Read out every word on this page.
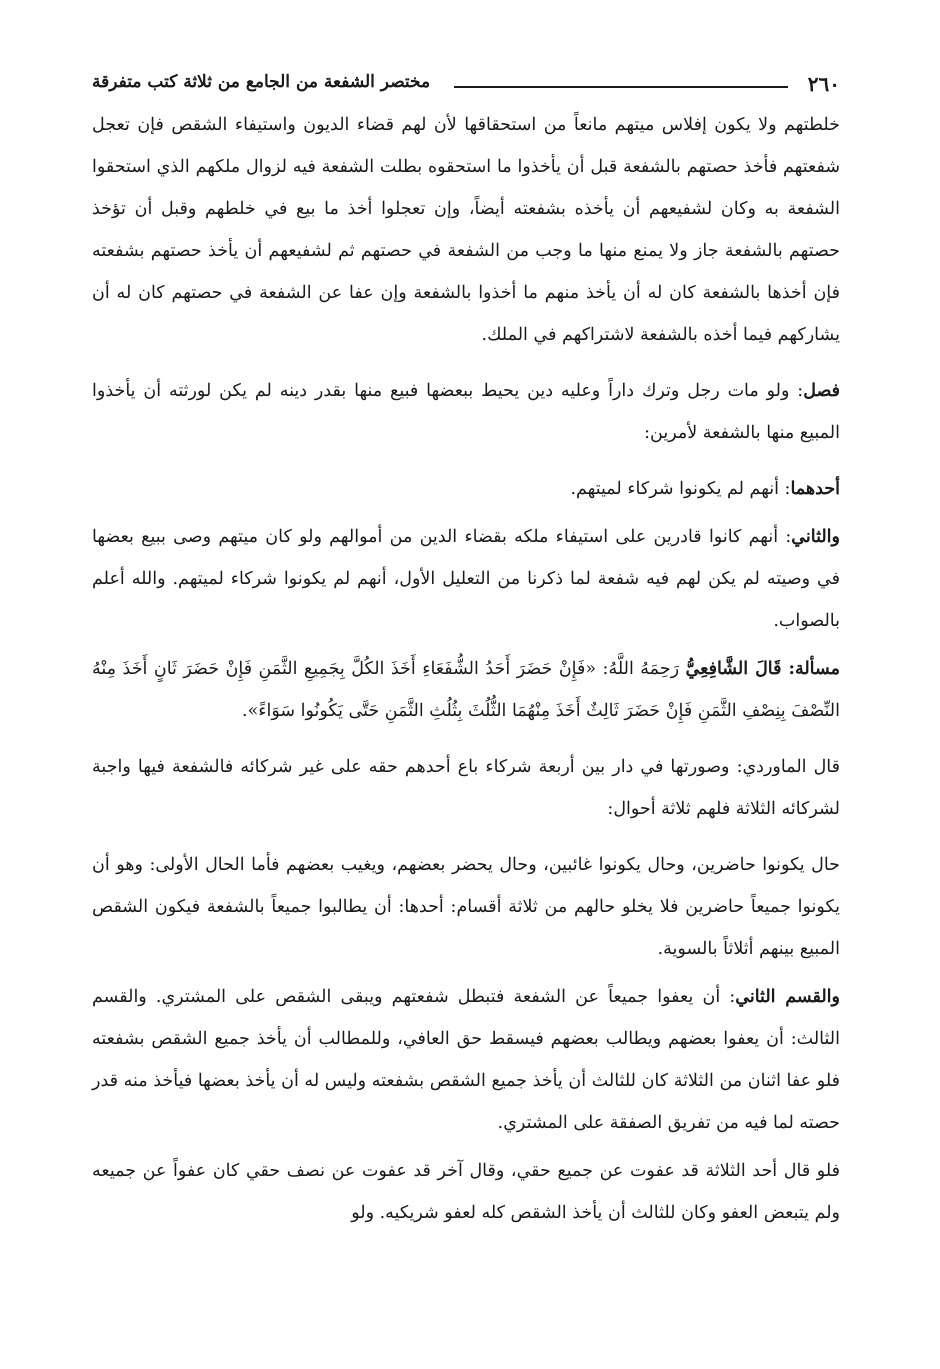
٢٦٠
مختصر الشفعة من الجامع من ثلاثة كتب متفرقة

خلطتهم ولا يكون إفلاس ميتهم مانعاً من استحقاقها لأن لهم قضاء الديون واستيفاء الشقص فإن تعجل شفعتهم فأخذ حصتهم بالشفعة قبل أن يأخذوا ما استحقوه بطلت الشفعة فيه لزوال ملكهم الذي استحقوا الشفعة به وكان لشفيعهم أن يأخذه بشفعته أيضاً، وإن تعجلوا أخذ ما بيع في خلطهم وقبل أن تؤخذ حصتهم بالشفعة جاز ولا يمنع منها ما وجب من الشفعة في حصتهم ثم لشفيعهم أن يأخذ حصتهم بشفعته فإن أخذها بالشفعة كان له أن يأخذ منهم ما أخذوا بالشفعة وإن عفا عن الشفعة في حصتهم كان له أن يشاركهم فيما أخذه بالشفعة لاشتراكهم في الملك.

فصل: ولو مات رجل وترك داراً وعليه دين يحيط ببعضها فبيع منها بقدر دينه لم يكن لورثته أن يأخذوا المبيع منها بالشفعة لأمرين:

أحدهما: أنهم لم يكونوا شركاء لميتهم.

والثاني: أنهم كانوا قادرين على استيفاء ملكه بقضاء الدين من أموالهم ولو كان ميتهم وصى ببيع بعضها في وصيته لم يكن لهم فيه شفعة لما ذكرنا من التعليل الأول، أنهم لم يكونوا شركاء لميتهم. والله أعلم بالصواب.

مسألة: قَالَ الشَّافِعِيُّ رَحِمَهُ اللَّهُ: «فَإِنْ حَضَرَ أَحَدُ الشُّفَعَاءِ أَخَذَ الكُلَّ بِجَمِيعِ الثَّمَنِ فَإِنْ حَضَرَ ثَانٍ أَخَذَ مِنْهُ النِّصْفَ بِنِصْفِ الثَّمَنِ فَإِنْ حَضَرَ ثَالِثٌ أَخَذَ مِنْهُمَا الثُّلُثَ بِثُلُثِ الثَّمَنِ حَتَّى يَكُونُوا سَوَاءً».

قال الماوردي: وصورتها في دار بين أربعة شركاء باع أحدهم حقه على غير شركائه فالشفعة فيها واجبة لشركائه الثلاثة فلهم ثلاثة أحوال:

حال يكونوا حاضرين، وحال يكونوا غائبين، وحال يحضر بعضهم، ويغيب بعضهم فأما الحال الأولى: وهو أن يكونوا جميعاً حاضرين فلا يخلو حالهم من ثلاثة أقسام: أحدها: أن يطالبوا جميعاً بالشفعة فيكون الشقص المبيع بينهم أثلاثاً بالسوية.

والقسم الثاني: أن يعفوا جميعاً عن الشفعة فتبطل شفعتهم ويبقى الشقص على المشتري. والقسم الثالث: أن يعفوا بعضهم ويطالب بعضهم فيسقط حق العافي، وللمطالب أن يأخذ جميع الشقص بشفعته فلو عفا اثنان من الثلاثة كان للثالث أن يأخذ جميع الشقص بشفعته وليس له أن يأخذ بعضها فيأخذ منه قدر حصته لما فيه من تفريق الصفقة على المشتري.

فلو قال أحد الثلاثة قد عفوت عن جميع حقي، وقال آخر قد عفوت عن نصف حقي كان عفواً عن جميعه ولم يتبعض العفو وكان للثالث أن يأخذ الشقص كله لعفو شريكيه. ولو
